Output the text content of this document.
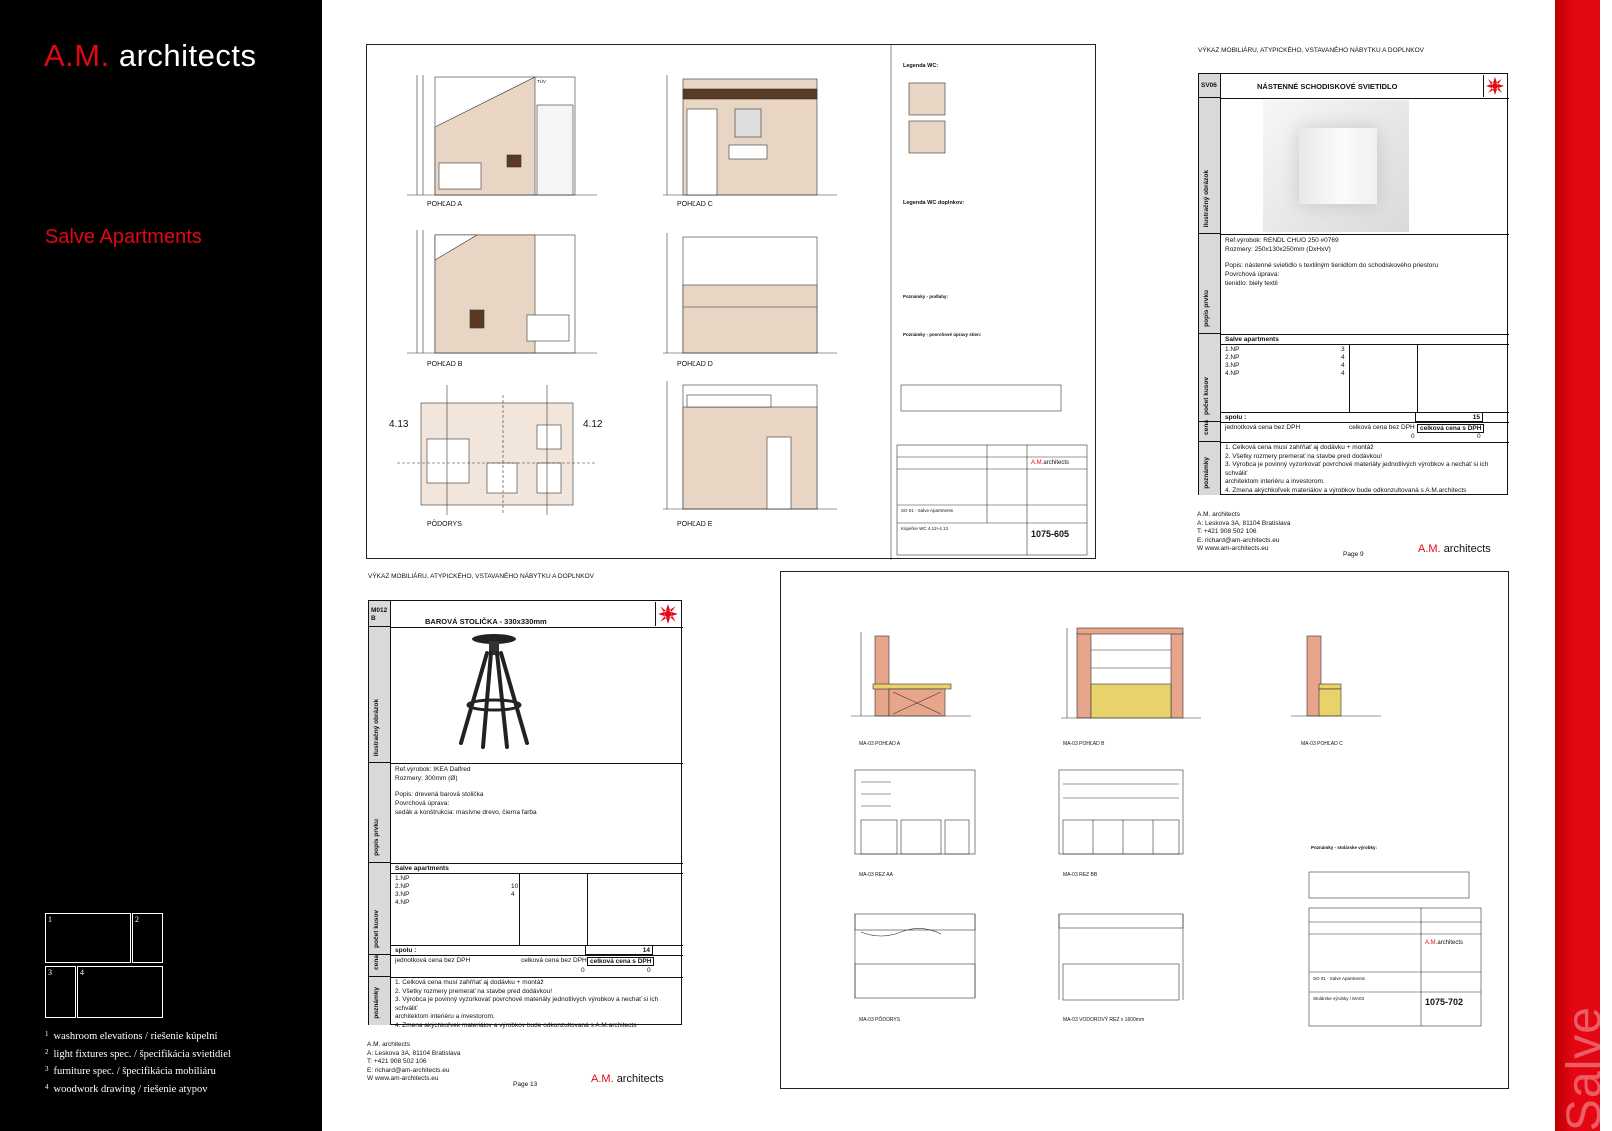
A.M. architects
Salve Apartments
1	2
3	4
$^1$ washroom elevations / riešenie kúpelní
$^2$ light fixtures spec. / špecifikácia svietidiel
$^3$ furniture spec. / špecifikácia mobiliáru
$^4$ woodwork drawing / riešenie atypov	Salve
POHĽAD A
POHĽAD B
PÔDORYS
POHĽAD C
POHĽAD D
POHĽAD E
4.13	4.12
TÚV
Legenda WC:
Legenda WC doplnkov:
Poznámky - podlahy:
Poznámky - povrchové úpravy stien:
A.M.architects
SO 01 - Salve Apartments
Kúpeľne WC 4.12+4.13
1075-605
VÝKAZ MOBILIÁRU, ATYPICKÉHO, VSTAVANÉHO NÁBYTKU A DOPLNKOV
SV06	NÁSTENNÉ SCHODISKOVÉ SVIETIDLO
ilustračný obrázok
popis prvku
Ref.výrobok: RENDL CHUO 250 #0769
Rozmery: 250x130x250mm (DxHxV)
Popis: nástenné svietidlo s textilným tienidlom do schodiskového priestoru
Povrchová úprava:
tienidlo: biely textil
počet kusov
Salve apartments
1.NP	3
2.NP	4
3.NP	4
4.NP	4
spolu :	15
cena jednotková cena bez DPH	celková cena bez DPH celková cena s DPH
0	0
poznámky
1. Celková cena musí zahŕňať aj dodávku + montáž
2. Všetky rozmery premerať na stavbe pred dodávkou!
3. Výrobca je povinný vyzorkovať povrchové materiály jednotlivých výrobkov a nechať si ich schváliť
architektom interiéru a investorom.
4. Zmena akýchkoľvek materiálov a výrobkov bude odkonzultovaná s A.M.architects
A.M. architects
A: Leskova 3A, 81104 Bratislava
T: +421 908 502 106
E: richard@am-architects.eu
W www.am-architects.eu
Page 9	A.M. architects
VÝKAZ MOBILIÁRU, ATYPICKÉHO, VSTAVANÉHO NÁBYTKU A DOPLNKOV
M012 B	BAROVÁ STOLIČKA - 330x330mm
ilustračný obrázok
popis prvku
Ref.výrobok: IKEA Dalfred
Rozmery: 300mm (Ø)
Popis: drevená barová stolička
Povrchová úprava:
sedák a konštrukcia: masívne drevo, čierna farba
počet kusov
Salve apartments
1.NP
2.NP	10
3.NP	4
4.NP
spolu :	14
cena jednotková cena bez DPH	celková cena bez DPH celková cena s DPH
0	0
poznámky
1. Celková cena musí zahŕňať aj dodávku + montáž
2. Všetky rozmery premerať na stavbe pred dodávkou!
3. Výrobca je povinný vyzorkovať povrchové materiály jednotlivých výrobkov a nechať si ich schváliť
architektom interiéru a investorom.
4. Zmena akýchkoľvek materiálov a výrobkov bude odkonzultovaná s A.M.architects
A.M. architects
A: Leskova 3A, 81104 Bratislava
T: +421 908 502 106
E: richard@am-architects.eu
W www.am-architects.eu
Page 13	A.M. architects
MA-03 POHĽAD A	MA-03 POHĽAD B	MA-03 POHĽAD C
MA-03 REZ AA	MA-03 REZ BB
MA-03 PÔDORYS	MA-03 VODOROVÝ REZ v 1600mm
Poznámky - stolárske výrobky:
A.M.architects
SO 01 - Salve Apartments
Stolárske výrobky / MA03	1075-702
